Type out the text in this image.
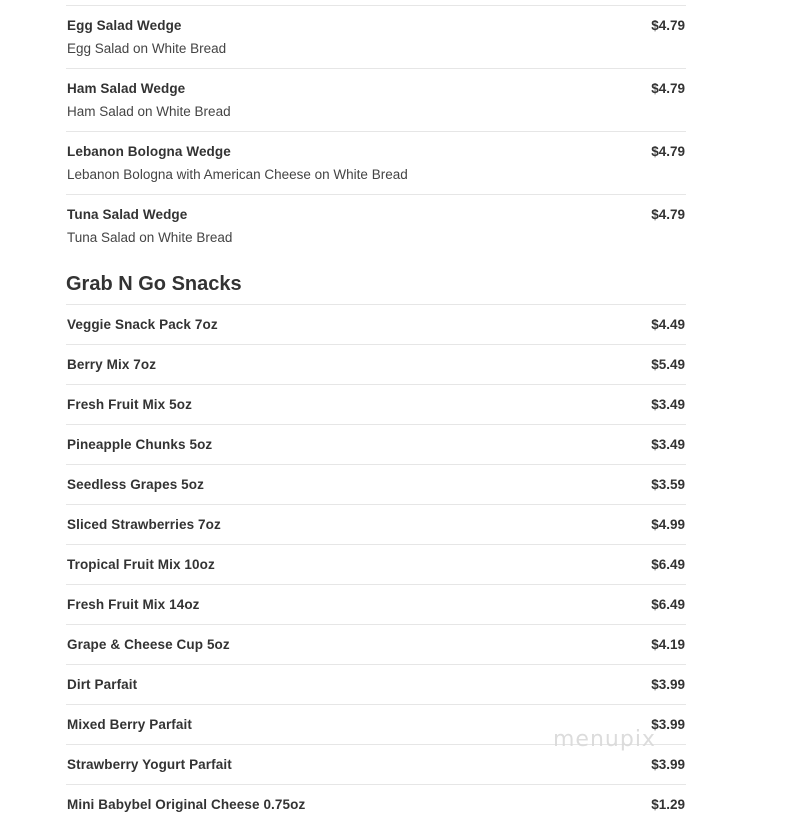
Egg Salad Wedge	$4.79
Egg Salad on White Bread
Ham Salad Wedge	$4.79
Ham Salad on White Bread
Lebanon Bologna Wedge	$4.79
Lebanon Bologna with American Cheese on White Bread
Tuna Salad Wedge	$4.79
Tuna Salad on White Bread
Grab N Go Snacks
Veggie Snack Pack 7oz	$4.49
Berry Mix 7oz	$5.49
Fresh Fruit Mix 5oz	$3.49
Pineapple Chunks 5oz	$3.49
Seedless Grapes 5oz	$3.59
Sliced Strawberries 7oz	$4.99
Tropical Fruit Mix 10oz	$6.49
Fresh Fruit Mix 14oz	$6.49
Grape & Cheese Cup 5oz	$4.19
Dirt Parfait	$3.99
Mixed Berry Parfait	$3.99
Strawberry Yogurt Parfait	$3.99
Mini Babybel Original Cheese 0.75oz	$1.29
menupix
